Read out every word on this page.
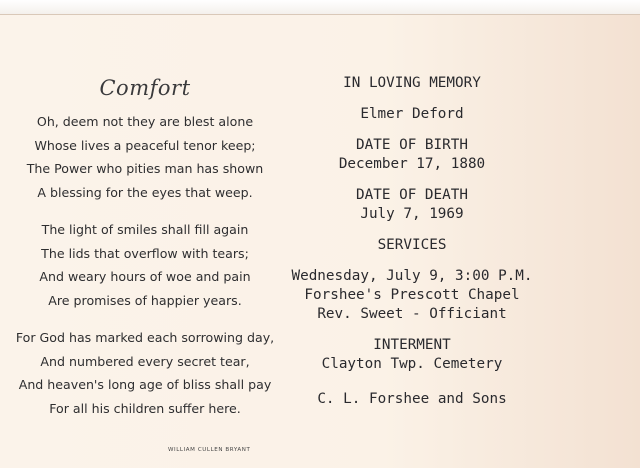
Comfort
Oh, deem not they are blest alone
Whose lives a peaceful tenor keep;
The Power who pities man has shown
A blessing for the eyes that weep.
The light of smiles shall fill again
The lids that overflow with tears;
And weary hours of woe and pain
Are promises of happier years.
For God has marked each sorrowing day,
And numbered every secret tear,
And heaven's long age of bliss shall pay
For all his children suffer here.
WILLIAM CULLEN BRYANT
IN LOVING MEMORY
Elmer Deford
DATE OF BIRTH
December 17, 1880
DATE OF DEATH
July 7, 1969
SERVICES
Wednesday, July 9, 3:00 P.M.
Forshee's Prescott Chapel
Rev. Sweet - Officiant
INTERMENT
Clayton Twp. Cemetery
C. L. Forshee and Sons
